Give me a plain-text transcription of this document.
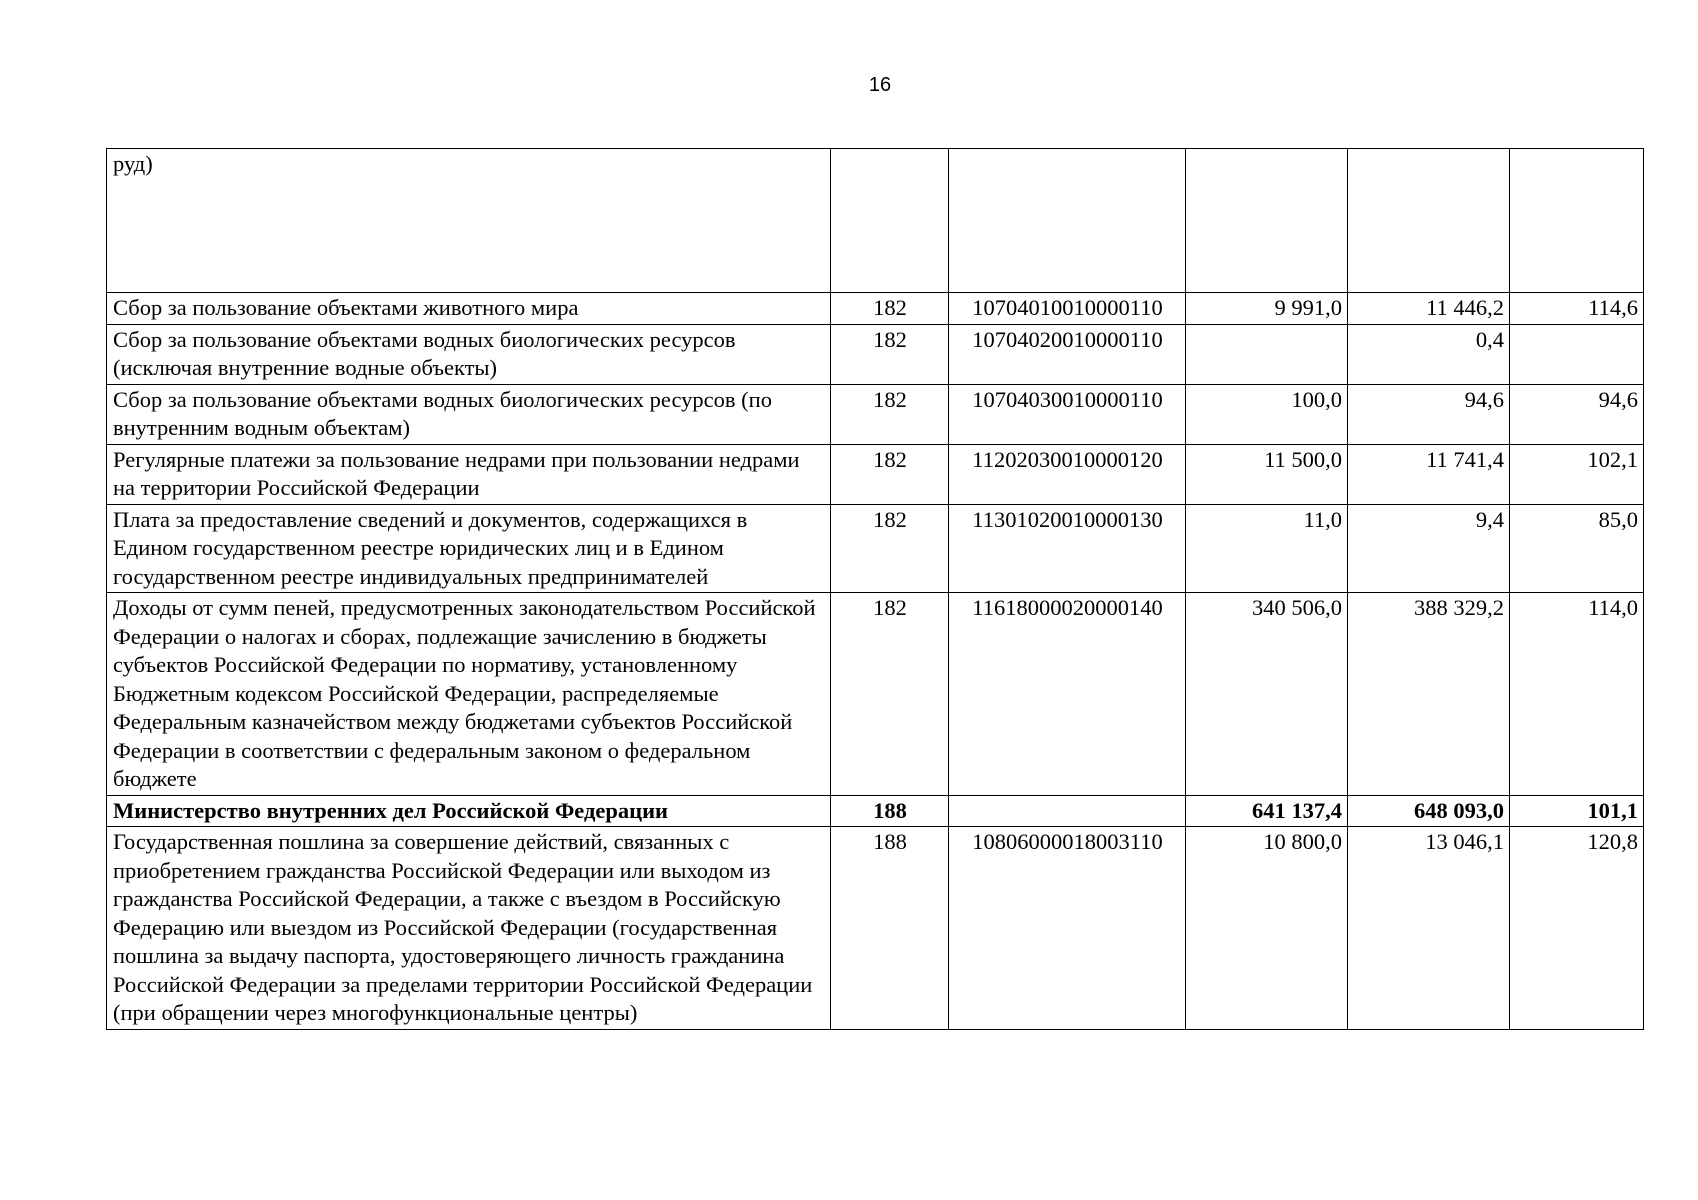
16
руд)					
Сбор за пользование объектами животного мира	182	10704010010000110	9 991,0	11 446,2	114,6
Сбор за пользование объектами водных биологических ресурсов (исключая внутренние водные объекты)	182	10704020010000110		0,4	
Сбор за пользование объектами водных биологических ресурсов (по внутренним водным объектам)	182	10704030010000110	100,0	94,6	94,6
Регулярные платежи за пользование недрами при пользовании недрами на территории Российской Федерации	182	11202030010000120	11 500,0	11 741,4	102,1
Плата за предоставление сведений и документов, содержащихся в Едином государственном реестре юридических лиц и в Едином государственном реестре индивидуальных предпринимателей	182	11301020010000130	11,0	9,4	85,0
Доходы от сумм пеней, предусмотренных законодательством Российской Федерации о налогах и сборах, подлежащие зачислению в бюджеты субъектов Российской Федерации по нормативу, установленному Бюджетным кодексом Российской Федерации, распределяемые Федеральным казначейством между бюджетами субъектов Российской Федерации в соответствии с федеральным законом о федеральном бюджете	182	11618000020000140	340 506,0	388 329,2	114,0
Министерство внутренних дел Российской Федерации	188		641 137,4	648 093,0	101,1
Государственная пошлина за совершение действий, связанных с приобретением гражданства Российской Федерации или выходом из гражданства Российской Федерации, а также с въездом в Российскую Федерацию или выездом из Российской Федерации (государственная пошлина за выдачу паспорта, удостоверяющего личность гражданина Российской Федерации за пределами территории Российской Федерации (при обращении через многофункциональные центры)	188	10806000018003110	10 800,0	13 046,1	120,8
